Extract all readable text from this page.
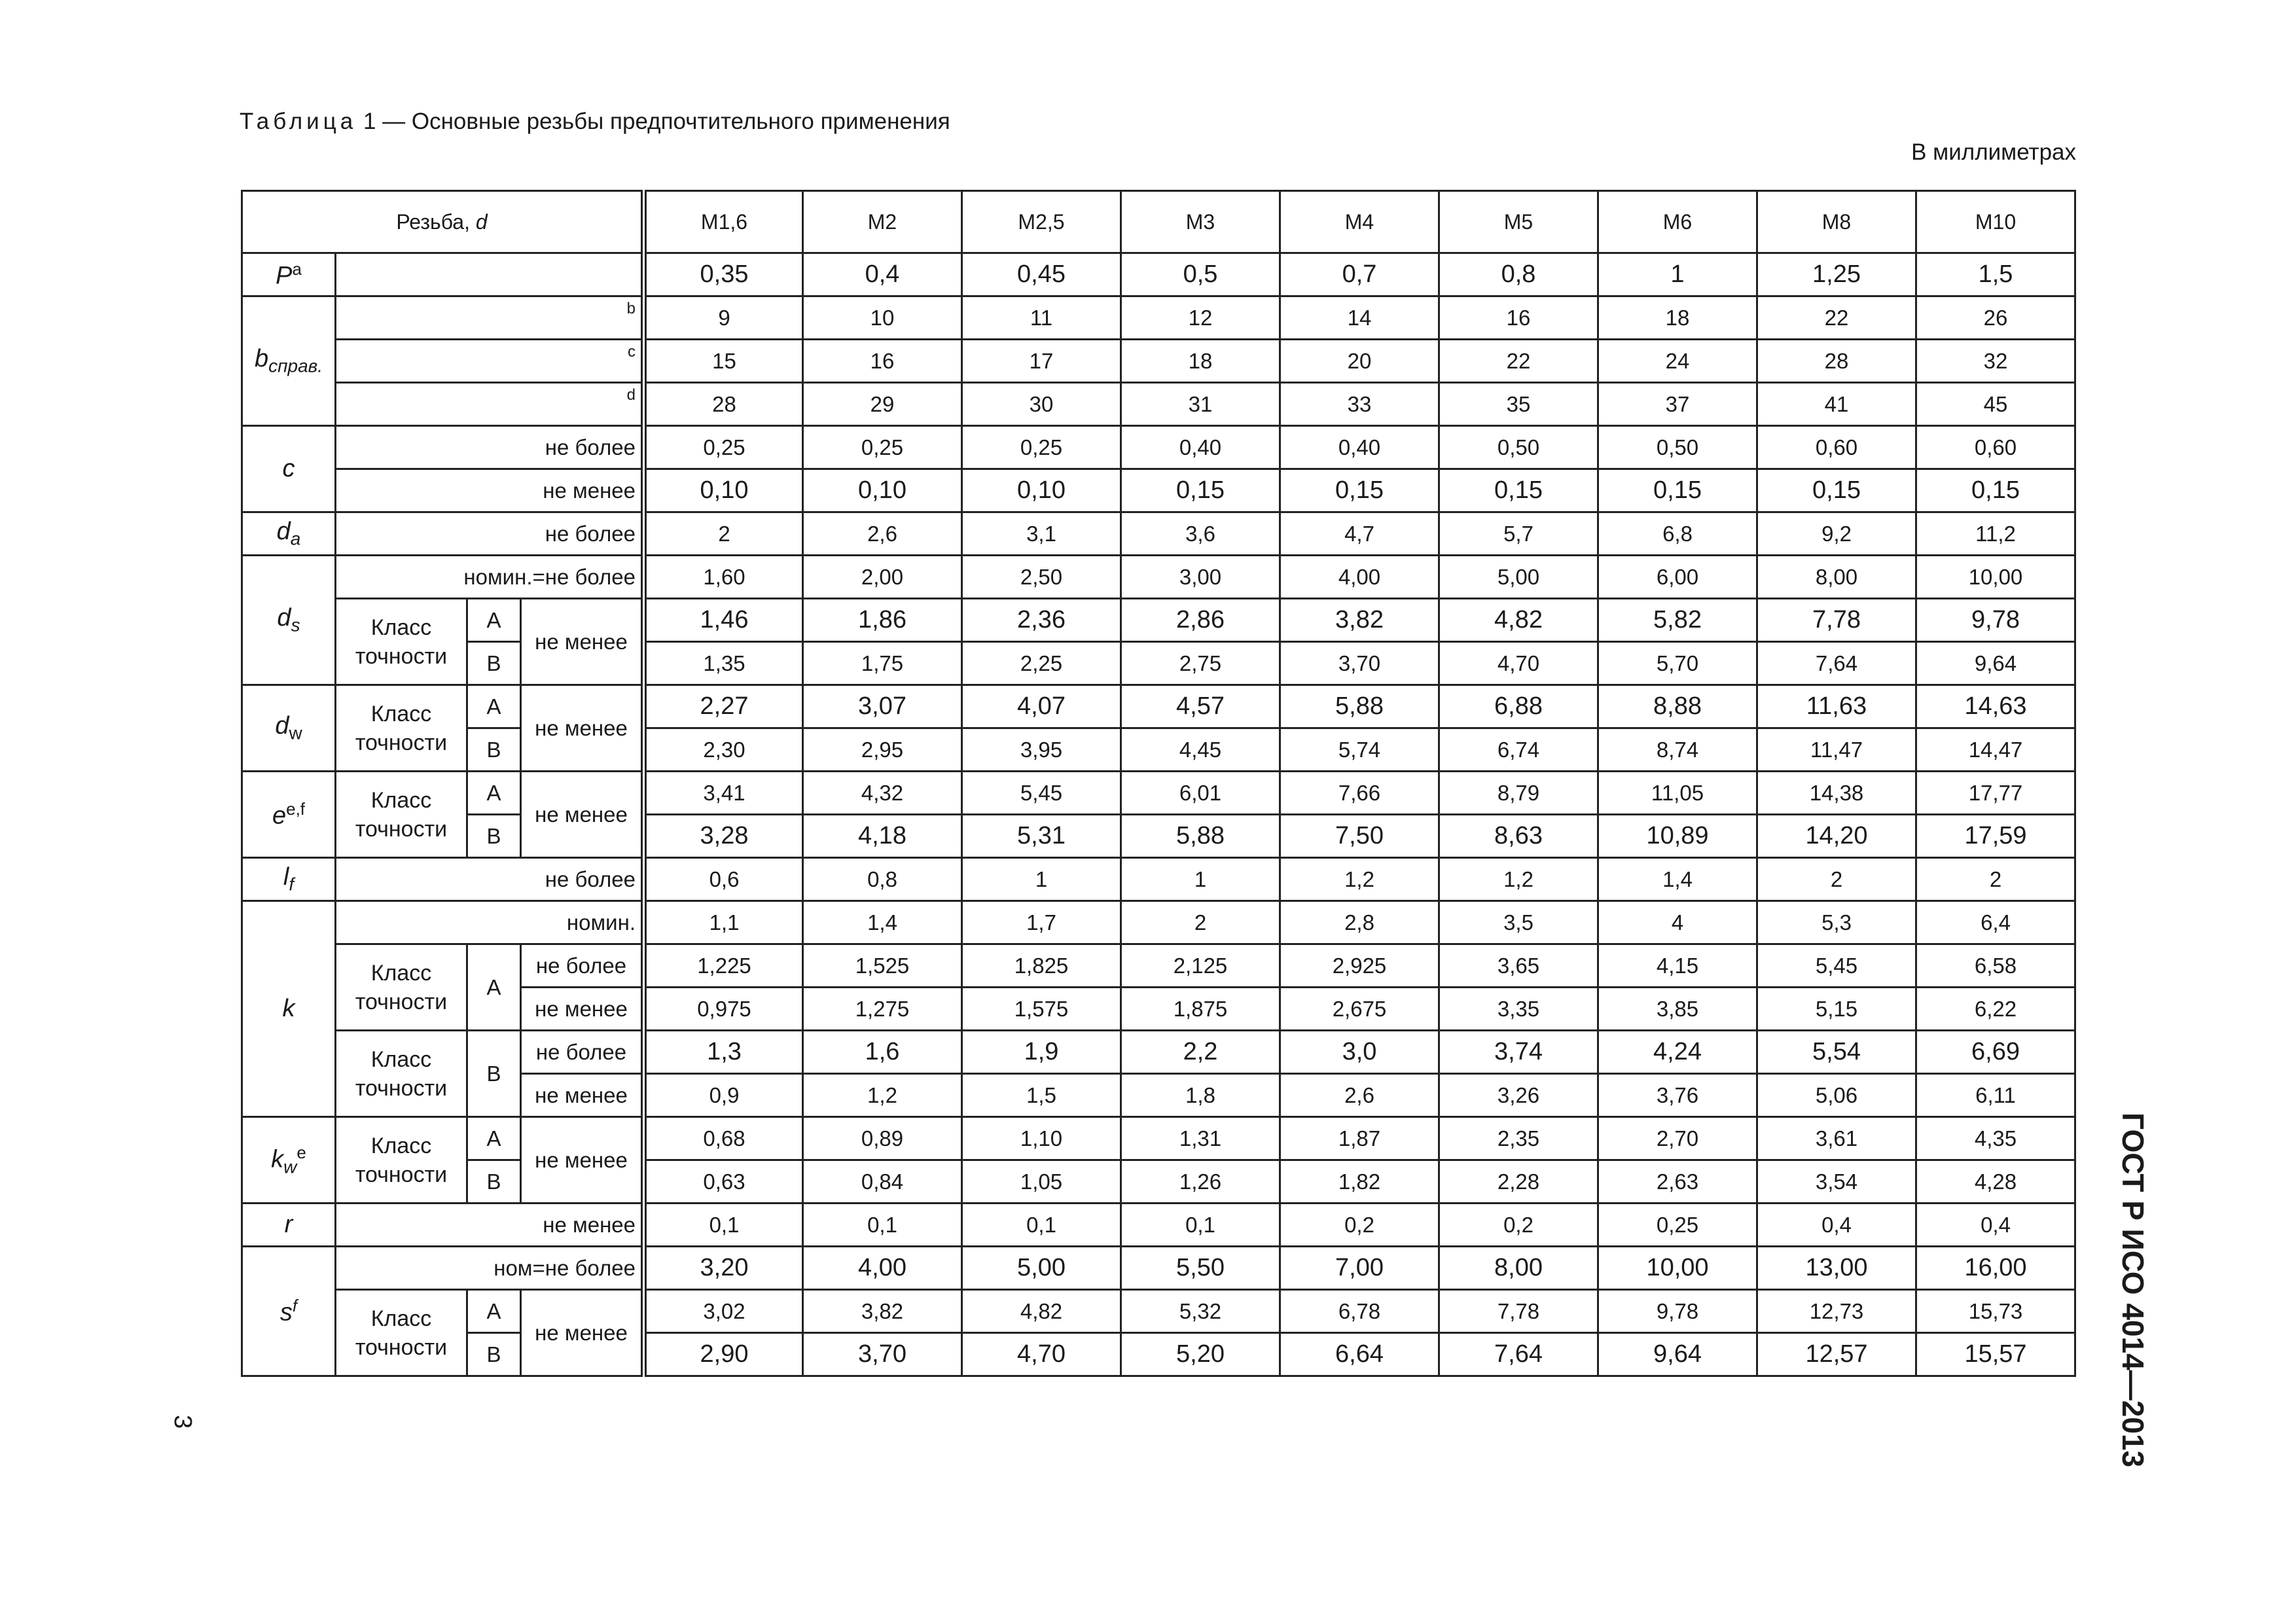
Таблица 1 — Основные резьбы предпочтительного применения
В миллиметрах
Резьба, d				М1,6	М2	М2,5	М3	М4	М5	М6	М8	М10
$P^a$				0,35	0,4	0,45	0,5	0,7	0,8	1	1,25	1,5
$b_{справ.}$	b			9	10	11	12	14	16	18	22	26
	c			15	16	17	18	20	22	24	28	32
	d			28	29	30	31	33	35	37	41	45
c	не более			0,25	0,25	0,25	0,40	0,40	0,50	0,50	0,60	0,60
	не менее			0,10	0,10	0,10	0,15	0,15	0,15	0,15	0,15	0,15
$d_a$	не более			2	2,6	3,1	3,6	4,7	5,7	6,8	9,2	11,2
$d_s$	номин.=не более			1,60	2,00	2,50	3,00	4,00	5,00	6,00	8,00	10,00
	Класс точности	A	не менее	1,46	1,86	2,36	2,86	3,82	4,82	5,82	7,78	9,78
		B		1,35	1,75	2,25	2,75	3,70	4,70	5,70	7,64	9,64
$d_w$	Класс точности	A	не менее	2,27	3,07	4,07	4,57	5,88	6,88	8,88	11,63	14,63
		B		2,30	2,95	3,95	4,45	5,74	6,74	8,74	11,47	14,47
$e^{e,f}$	Класс точности	A	не менее	3,41	4,32	5,45	6,01	7,66	8,79	11,05	14,38	17,77
		B		3,28	4,18	5,31	5,88	7,50	8,63	10,89	14,20	17,59
$l_f$	не более			0,6	0,8	1	1	1,2	1,2	1,4	2	2
k	номин.			1,1	1,4	1,7	2	2,8	3,5	4	5,3	6,4
	Класс точности	A	не более	1,225	1,525	1,825	2,125	2,925	3,65	4,15	5,45	6,58
			не менее	0,975	1,275	1,575	1,875	2,675	3,35	3,85	5,15	6,22
	Класс точности	B	не более	1,3	1,6	1,9	2,2	3,0	3,74	4,24	5,54	6,69
			не менее	0,9	1,2	1,5	1,8	2,6	3,26	3,76	5,06	6,11
$k_w^e$	Класс точности	A	не менее	0,68	0,89	1,10	1,31	1,87	2,35	2,70	3,61	4,35
		B		0,63	0,84	1,05	1,26	1,82	2,28	2,63	3,54	4,28
r	не менее			0,1	0,1	0,1	0,1	0,2	0,2	0,25	0,4	0,4
$s^f$	ном=не более			3,20	4,00	5,00	5,50	7,00	8,00	10,00	13,00	16,00
	Класс точности	A	не менее	3,02	3,82	4,82	5,32	6,78	7,78	9,78	12,73	15,73
		B		2,90	3,70	4,70	5,20	6,64	7,64	9,64	12,57	15,57	ГОСТ Р ИСО 4014—2013
3
